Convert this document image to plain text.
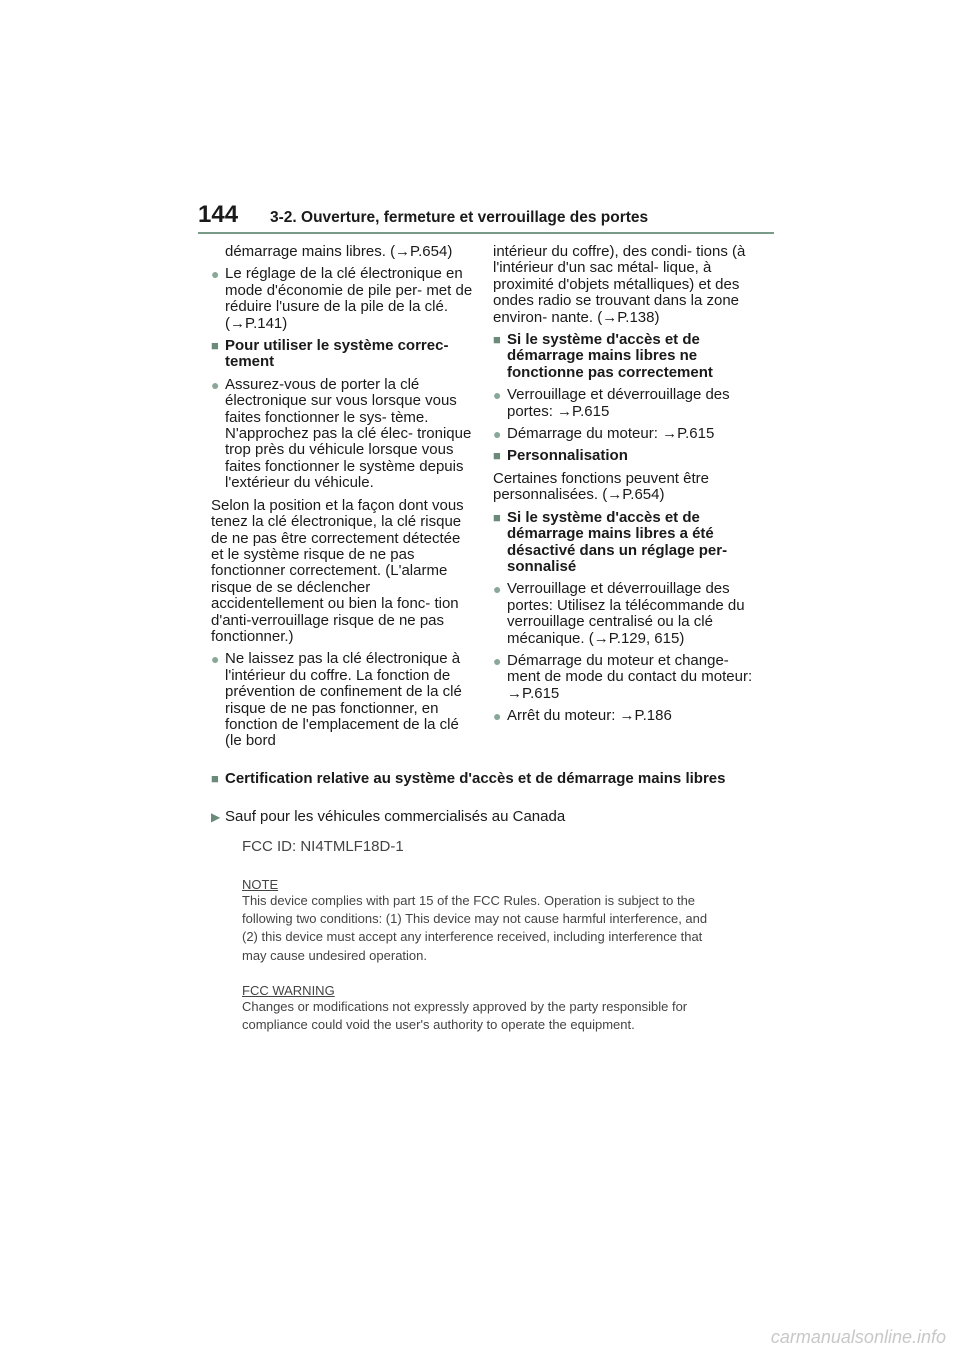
144 3-2. Ouverture, fermeture et verrouillage des portes

démarrage mains libres. (→P.654)

● Le réglage de la clé électronique en mode d'économie de pile per- met de réduire l'usure de la pile de la clé. (→P.141)
■ Pour utiliser le système correc- tement
● Assurez-vous de porter la clé électronique sur vous lorsque vous faites fonctionner le sys- tème. N'approchez pas la clé élec- tronique trop près du véhicule lorsque vous faites fonctionner le système depuis l'extérieur du véhicule.

Selon la position et la façon dont vous tenez la clé électronique, la clé risque de ne pas être correctement détectée et le système risque de ne pas fonctionner correctement. (L'alarme risque de se déclencher accidentellement ou bien la fonc- tion d'anti-verrouillage risque de ne pas fonctionner.)

● Ne laissez pas la clé électronique à l'intérieur du coffre. La fonction de prévention de confinement de la clé risque de ne pas fonctionner, en fonction de l'emplacement de la clé (le bord

intérieur du coffre), des condi- tions (à l'intérieur d'un sac métal- lique, à proximité d'objets métalliques) et des ondes radio se trouvant dans la zone environ- nante. (→P.138)

■ Si le système d'accès et de démarrage mains libres ne fonctionne pas correctement
● Verrouillage et déverrouillage des portes: →P.615
● Démarrage du moteur: →P.615
■ Personnalisation

Certaines fonctions peuvent être personnalisées. (→P.654)

■ Si le système d'accès et de démarrage mains libres a été désactivé dans un réglage per- sonnalisé
● Verrouillage et déverrouillage des portes: Utilisez la télécommande du verrouillage centralisé ou la clé mécanique. (→P.129, 615)
● Démarrage du moteur et change- ment de mode du contact du moteur: →P.615
● Arrêt du moteur: →P.186
■ Certification relative au système d'accès et de démarrage mains libres
▶ Sauf pour les véhicules commercialisés au Canada

FCC ID: NI4TMLF18D-1

NOTE

This device complies with part 15 of the FCC Rules. Operation is subject to the following two conditions: (1) This device may not cause harmful interference, and (2) this device must accept any interference received, including interference that may cause undesired operation.

FCC WARNING

Changes or modifications not expressly approved by the party responsible for compliance could void the user's authority to operate the equipment.

carmanualsonline.info
